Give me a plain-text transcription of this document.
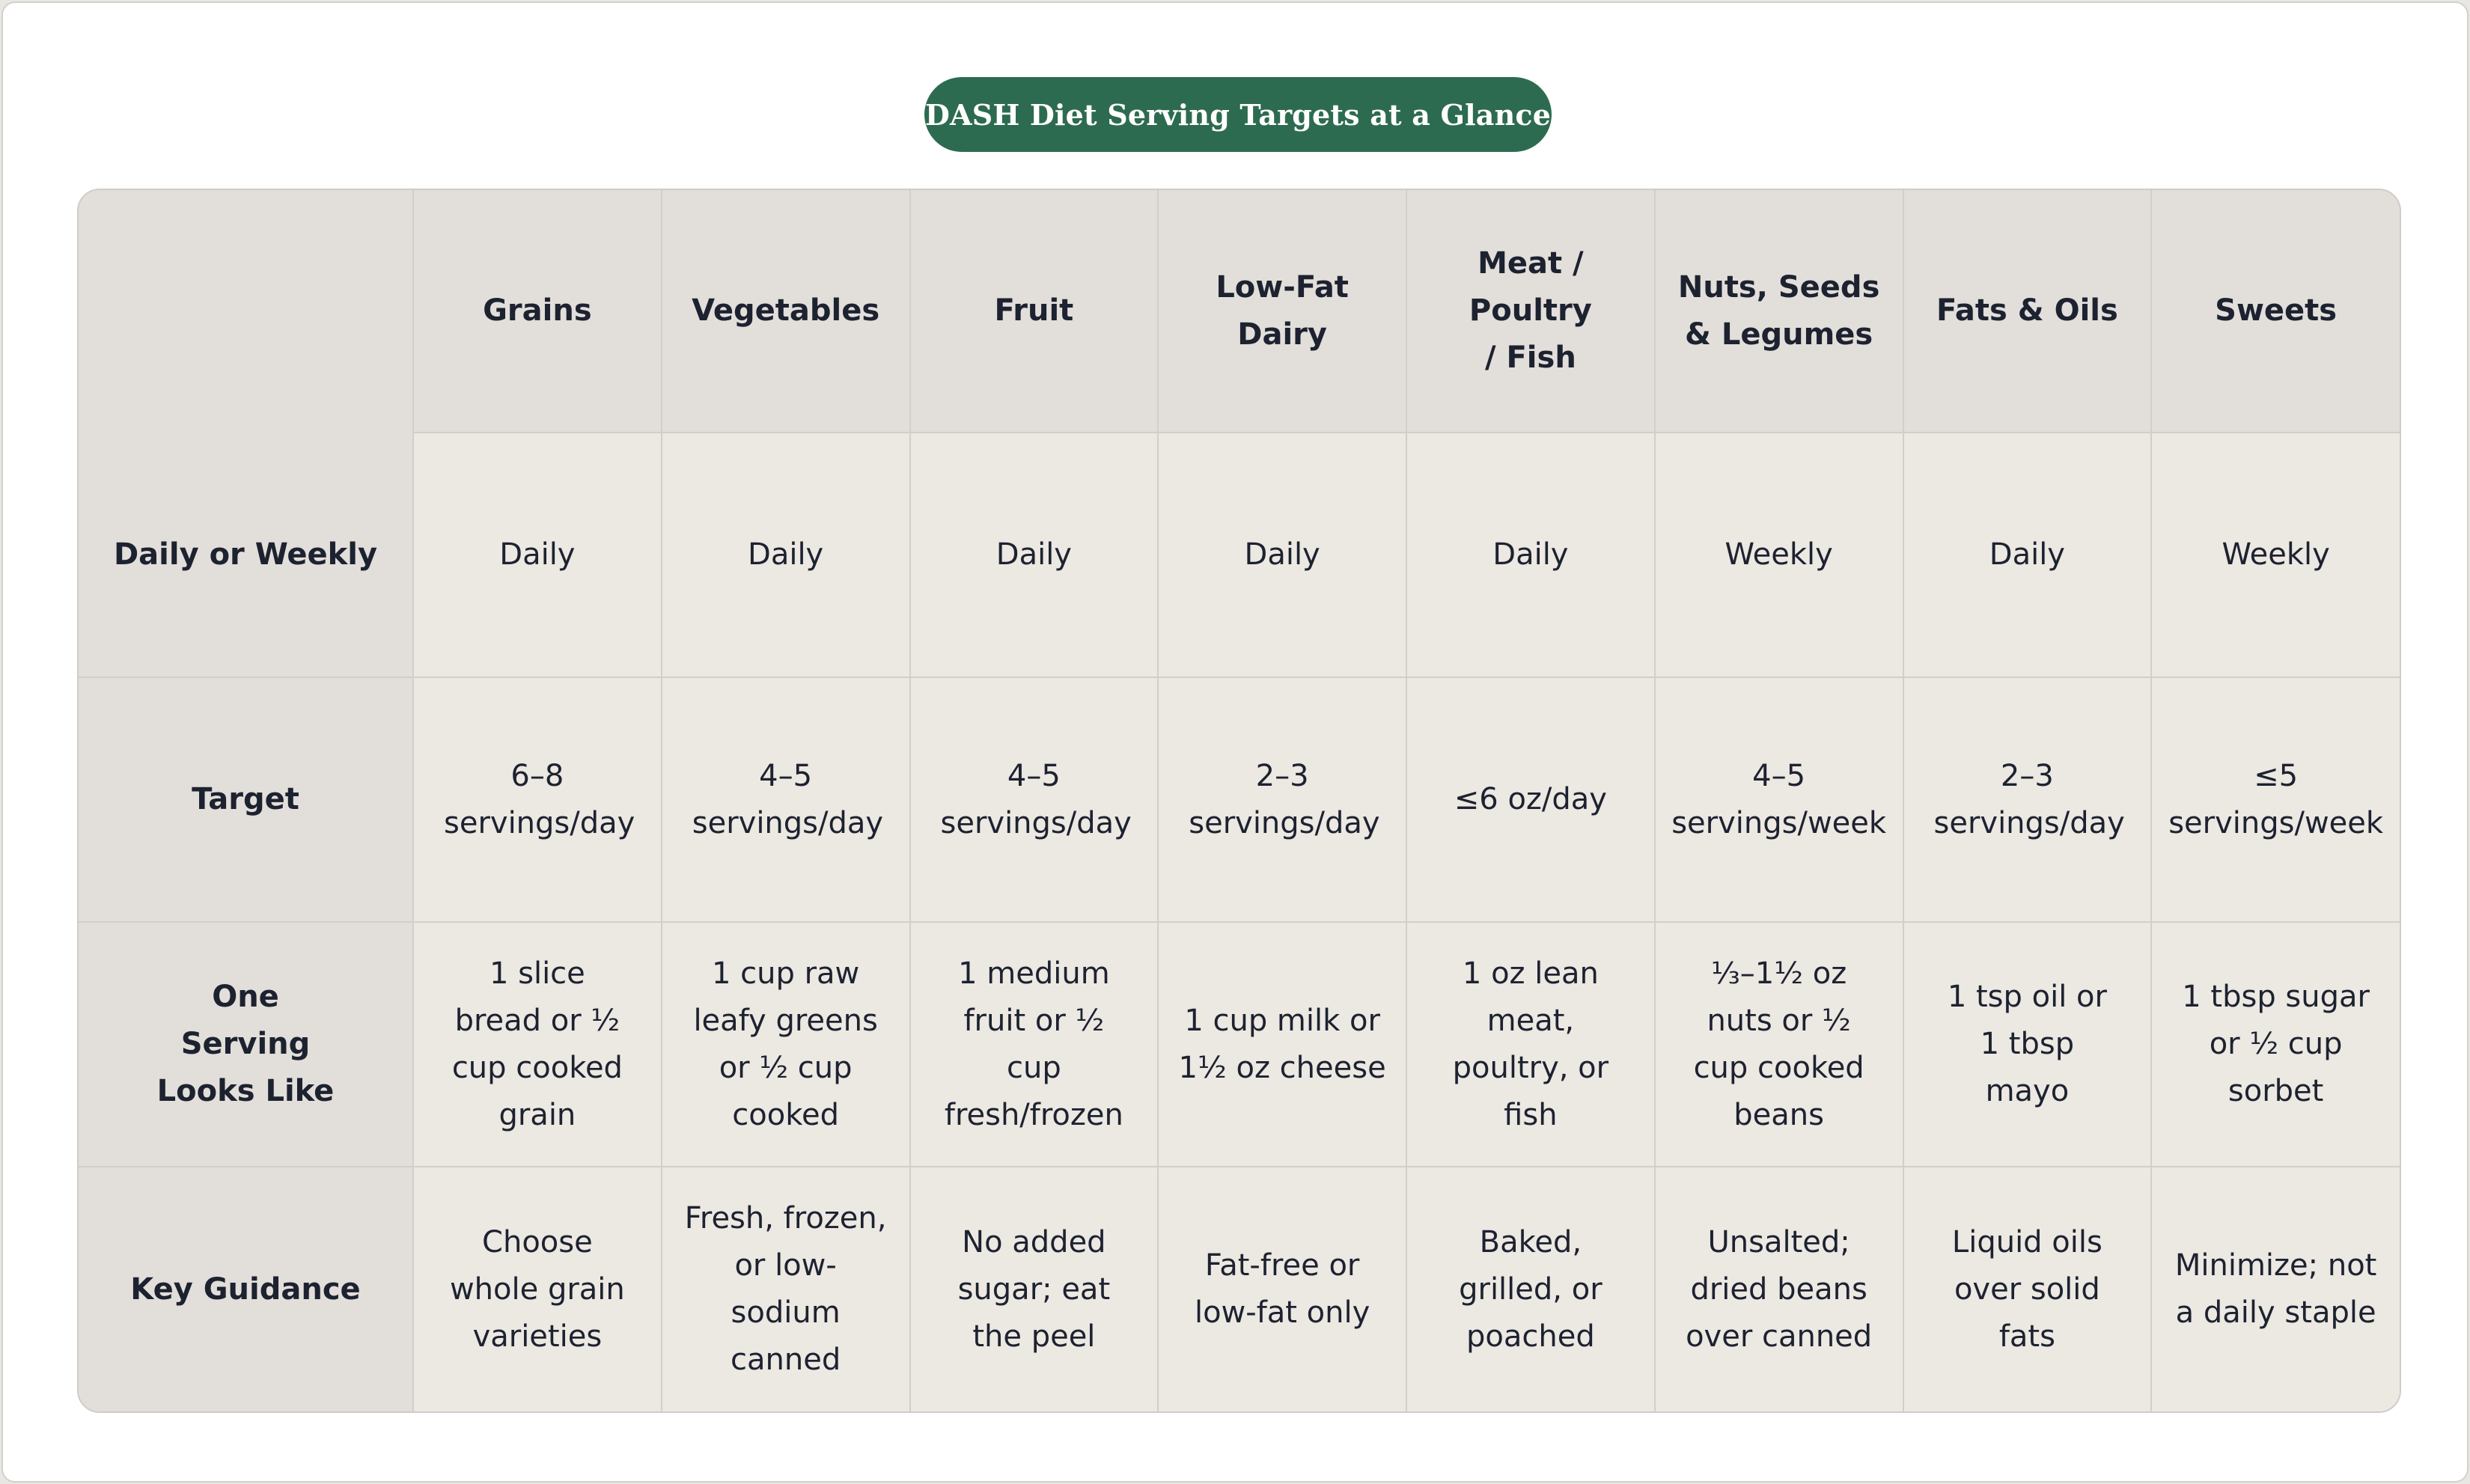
DASH Diet Serving Targets at a Glance
	Grains	Vegetables	Fruit	Low-Fat Dairy	Meat / Poultry / Fish	Nuts, Seeds & Legumes	Fats & Oils	Sweets
Daily or Weekly	Daily	Daily	Daily	Daily	Daily	Weekly	Daily	Weekly
Target	6–8 servings/day	4–5 servings/day	4–5 servings/day	2–3 servings/day	≤6 oz/day	4–5 servings/week	2–3 servings/day	≤5 servings/week
One Serving Looks Like	1 slice bread or ½ cup cooked grain	1 cup raw leafy greens or ½ cup cooked	1 medium fruit or ½ cup fresh/frozen	1 cup milk or 1½ oz cheese	1 oz lean meat, poultry, or fish	⅓–1½ oz nuts or ½ cup cooked beans	1 tsp oil or 1 tbsp mayo	1 tbsp sugar or ½ cup sorbet
Key Guidance	Choose whole grain varieties	Fresh, frozen, or low-sodium canned	No added sugar; eat the peel	Fat-free or low-fat only	Baked, grilled, or poached	Unsalted; dried beans over canned	Liquid oils over solid fats	Minimize; not a daily staple
